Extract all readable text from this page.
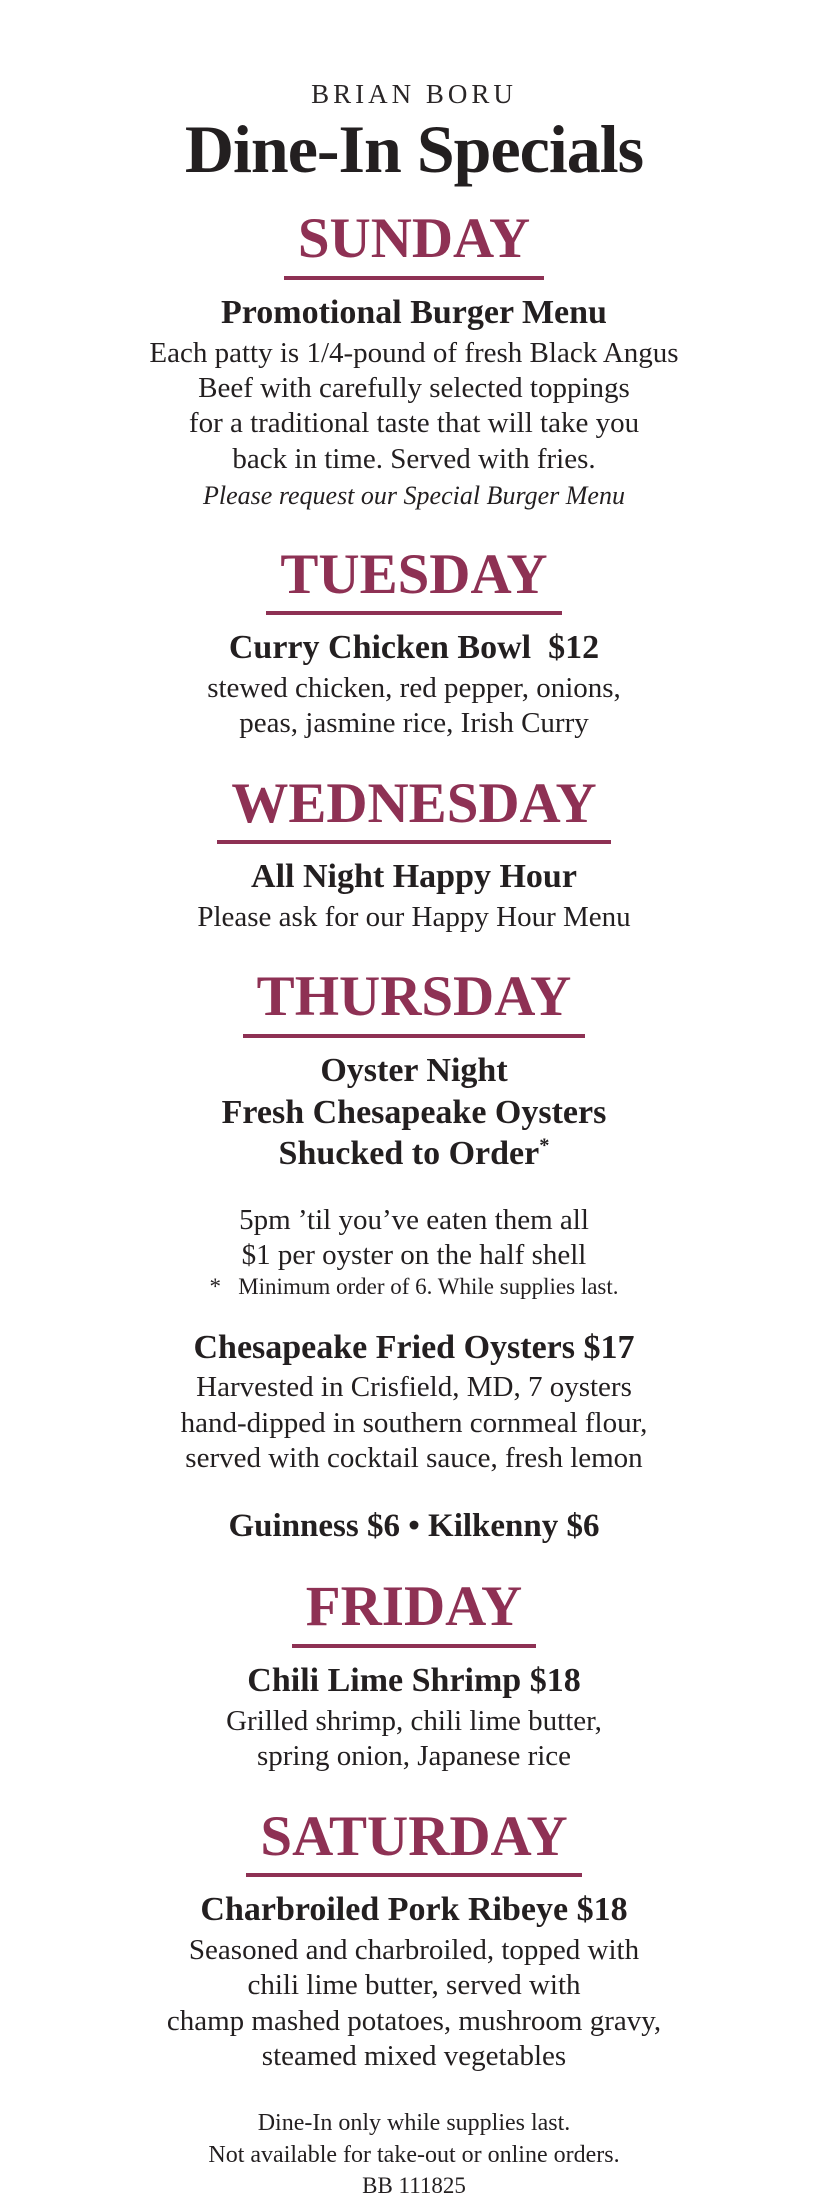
BRIAN BORU
Dine-In Specials
SUNDAY
Promotional Burger Menu
Each patty is 1/4-pound of fresh Black Angus
Beef with carefully selected toppings
for a traditional taste that will take you
back in time. Served with fries.
Please request our Special Burger Menu
TUESDAY
Curry Chicken Bowl  $12
stewed chicken, red pepper, onions,
peas, jasmine rice, Irish Curry
WEDNESDAY
All Night Happy Hour
Please ask for our Happy Hour Menu
THURSDAY
Oyster Night
Fresh Chesapeake Oysters
Shucked to Order*
5pm ’til you’ve eaten them all
$1 per oyster on the half shell
*   Minimum order of 6. While supplies last.
Chesapeake Fried Oysters $17
Harvested in Crisfield, MD, 7 oysters
hand-dipped in southern cornmeal flour,
served with cocktail sauce, fresh lemon
Guinness $6 • Kilkenny $6
FRIDAY
Chili Lime Shrimp $18
Grilled shrimp, chili lime butter,
spring onion, Japanese rice
SATURDAY
Charbroiled Pork Ribeye $18
Seasoned and charbroiled, topped with
chili lime butter, served with
champ mashed potatoes, mushroom gravy,
steamed mixed vegetables
Dine-In only while supplies last.
Not available for take-out or online orders.
BB 111825
